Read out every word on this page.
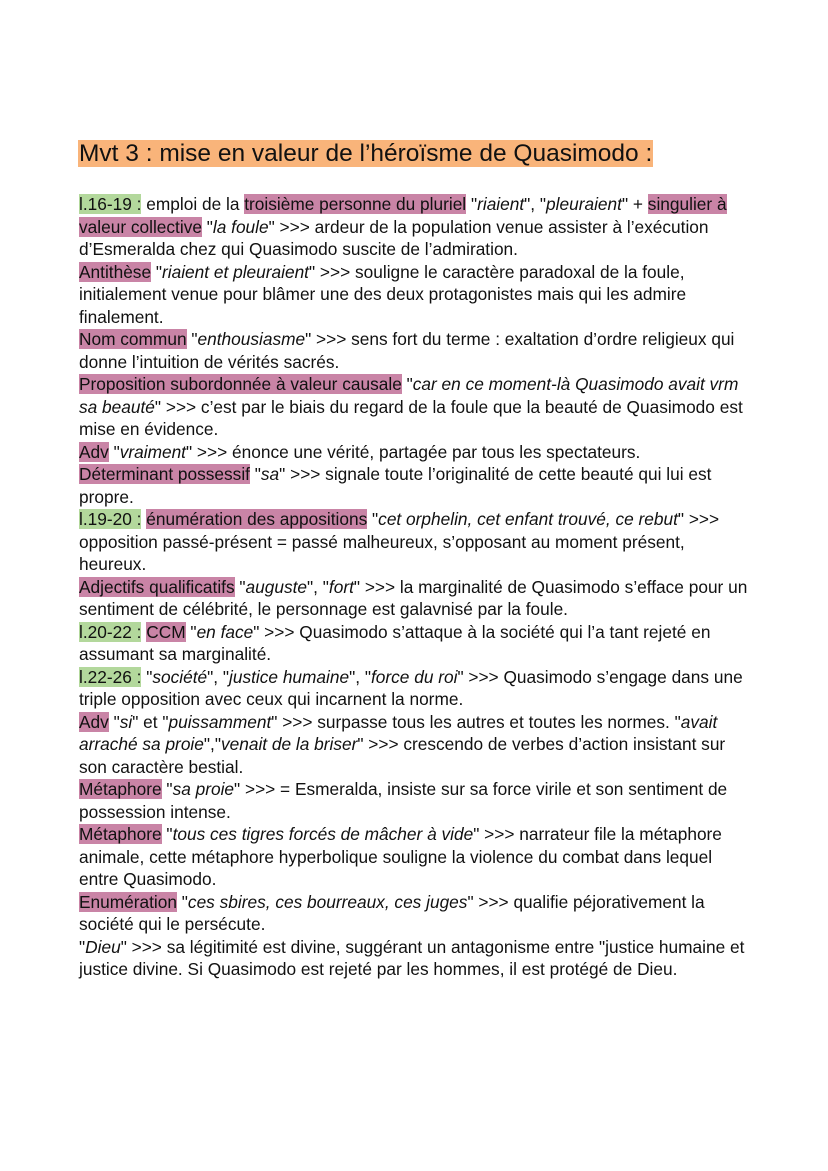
Mvt 3 : mise en valeur de l’héroïsme de Quasimodo :

l.16-19 : emploi de la troisième personne du pluriel "riaient", "pleuraient" + singulier à valeur collective "la foule" >>> ardeur de la population venue assister à l’exécution d’Esmeralda chez qui Quasimodo suscite de l’admiration.

Antithèse "riaient et pleuraient" >>> souligne le caractère paradoxal de la foule, initialement venue pour blâmer une des deux protagonistes mais qui les admire finalement.

Nom commun "enthousiasme" >>> sens fort du terme : exaltation d’ordre religieux qui donne l’intuition de vérités sacrés.

Proposition subordonnée à valeur causale "car en ce moment-là Quasimodo avait vrm sa beauté" >>> c’est par le biais du regard de la foule que la beauté de Quasimodo est mise en évidence.

Adv "vraiment" >>> énonce une vérité, partagée par tous les spectateurs.

Déterminant possessif "sa" >>> signale toute l’originalité de cette beauté qui lui est propre.

l.19-20 : énumération des appositions "cet orphelin, cet enfant trouvé, ce rebut" >>> opposition passé-présent = passé malheureux, s’opposant au moment présent, heureux.

Adjectifs qualificatifs "auguste", "fort" >>> la marginalité de Quasimodo s’efface pour un sentiment de célébrité, le personnage est galavnisé par la foule.

l.20-22 : CCM "en face" >>> Quasimodo s’attaque à la société qui l’a tant rejeté en assumant sa marginalité.

l.22-26 : "société", "justice humaine", "force du roi" >>> Quasimodo s’engage dans une triple opposition avec ceux qui incarnent la norme.

Adv "si" et "puissamment" >>> surpasse tous les autres et toutes les normes. "avait arraché sa proie","venait de la briser" >>> crescendo de verbes d’action insistant sur son caractère bestial.

Métaphore "sa proie" >>> = Esmeralda, insiste sur sa force virile et son sentiment de possession intense.

Métaphore "tous ces tigres forcés de mâcher à vide" >>> narrateur file la métaphore animale, cette métaphore hyperbolique souligne la violence du combat dans lequel entre Quasimodo.

Enumération "ces sbires, ces bourreaux, ces juges" >>> qualifie péjorativement la société qui le persécute.

"Dieu" >>> sa légitimité est divine, suggérant un antagonisme entre "justice humaine et justice divine. Si Quasimodo est rejeté par les hommes, il est protégé de Dieu.
